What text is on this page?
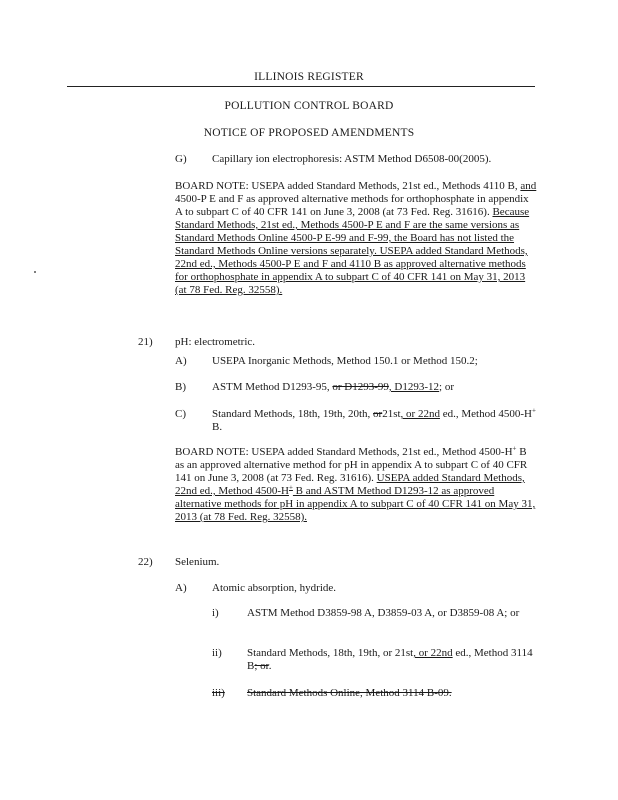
ILLINOIS REGISTER
POLLUTION CONTROL BOARD
NOTICE OF PROPOSED AMENDMENTS
G) Capillary ion electrophoresis: ASTM Method D6508-00(2005).
BOARD NOTE: USEPA added Standard Methods, 21st ed., Methods 4110 B, and 4500-P E and F as approved alternative methods for orthophosphate in appendix A to subpart C of 40 CFR 141 on June 3, 2008 (at 73 Fed. Reg. 31616). Because Standard Methods, 21st ed., Methods 4500-P E and F are the same versions as Standard Methods Online 4500-P E-99 and F-99, the Board has not listed the Standard Methods Online versions separately. USEPA added Standard Methods, 22nd ed., Methods 4500-P E and F and 4110 B as approved alternative methods for orthophosphate in appendix A to subpart C of 40 CFR 141 on May 31, 2013 (at 78 Fed. Reg. 32558).
21) pH: electrometric.
A) USEPA Inorganic Methods, Method 150.1 or Method 150.2;
B) ASTM Method D1293-95, or D1293-99, D1293-12; or
C) Standard Methods, 18th, 19th, 20th, or21st, or 22nd ed., Method 4500-H+ B.
BOARD NOTE: USEPA added Standard Methods, 21st ed., Method 4500-H+ B as an approved alternative method for pH in appendix A to subpart C of 40 CFR 141 on June 3, 2008 (at 73 Fed. Reg. 31616). USEPA added Standard Methods, 22nd ed., Method 4500-H+ B and ASTM Method D1293-12 as approved alternative methods for pH in appendix A to subpart C of 40 CFR 141 on May 31, 2013 (at 78 Fed. Reg. 32558).
22) Selenium.
A) Atomic absorption, hydride.
i)	ASTM Method D3859-98 A, D3859-03 A, or D3859-08 A; or
ii) Standard Methods, 18th, 19th, or 21st, or 22nd ed., Method 3114 B; or.
iii) Standard Methods Online, Method 3114 B-09.
